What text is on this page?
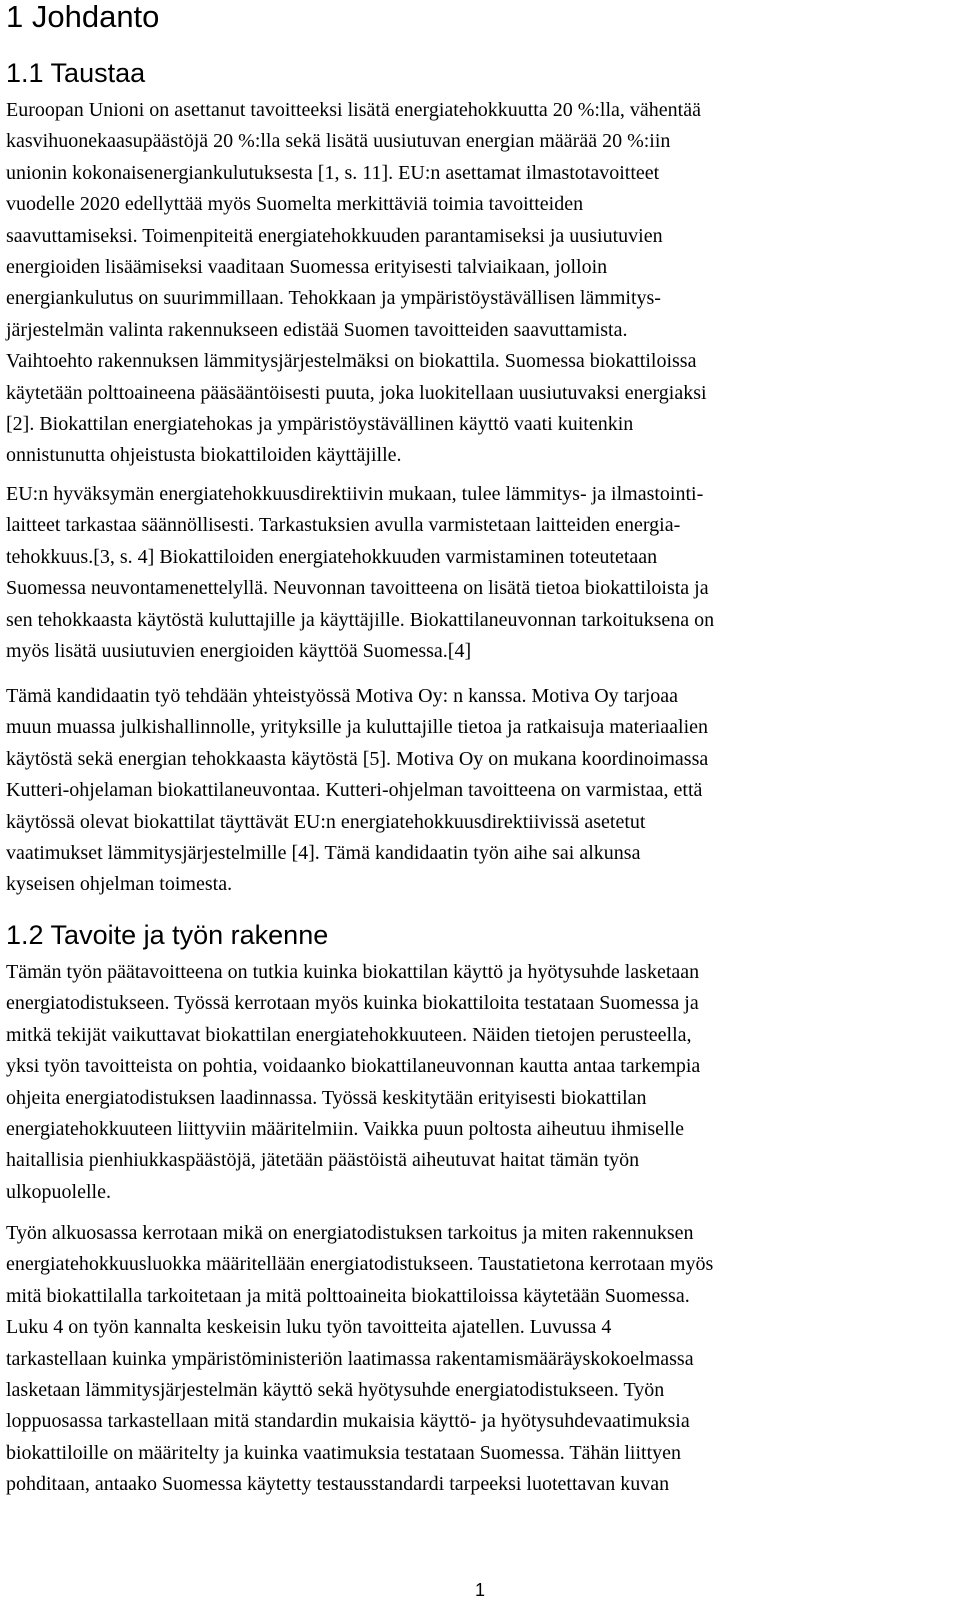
1 Johdanto
1.1 Taustaa
Euroopan Unioni on asettanut tavoitteeksi lisätä energiatehokkuutta 20 %:lla, vähentää
kasvihuonekaasupäästöjä 20 %:lla sekä lisätä uusiutuvan energian määrää 20 %:iin
unionin kokonaisenergiankulutuksesta [1, s. 11]. EU:n asettamat ilmastotavoitteet
vuodelle 2020 edellyttää myös Suomelta merkittäviä toimia tavoitteiden
saavuttamiseksi. Toimenpiteitä energiatehokkuuden parantamiseksi ja uusiutuvien
energioiden lisäämiseksi vaaditaan Suomessa erityisesti talviaikaan, jolloin
energiankulutus on suurimmillaan. Tehokkaan ja ympäristöystävällisen lämmitys-
järjestelmän valinta rakennukseen edistää Suomen tavoitteiden saavuttamista.
Vaihtoehto rakennuksen lämmitysjärjestelmäksi on biokattila. Suomessa biokattiloissa
käytetään polttoaineena pääsääntöisesti puuta, joka luokitellaan uusiutuvaksi energiaksi
[2]. Biokattilan energiatehokas ja ympäristöystävällinen käyttö vaati kuitenkin
onnistunutta ohjeistusta biokattiloiden käyttäjille.
EU:n hyväksymän energiatehokkuusdirektiivin mukaan, tulee lämmitys- ja ilmastointi-
laitteet tarkastaa säännöllisesti. Tarkastuksien avulla varmistetaan laitteiden energia-
tehokkuus.[3, s. 4] Biokattiloiden energiatehokkuuden varmistaminen toteutetaan
Suomessa neuvontamenettelyllä. Neuvonnan tavoitteena on lisätä tietoa biokattiloista ja
sen tehokkaasta käytöstä kuluttajille ja käyttäjille. Biokattilaneuvonnan tarkoituksena on
myös lisätä uusiutuvien energioiden käyttöä Suomessa.[4]
Tämä kandidaatin työ tehdään yhteistyössä Motiva Oy: n kanssa. Motiva Oy tarjoaa
muun muassa julkishallinnolle, yrityksille ja kuluttajille tietoa ja ratkaisuja materiaalien
käytöstä sekä energian tehokkaasta käytöstä [5]. Motiva Oy on mukana koordinoimassa
Kutteri-ohjelaman biokattilaneuvontaa. Kutteri-ohjelman tavoitteena on varmistaa, että
käytössä olevat biokattilat täyttävät EU:n energiatehokkuusdirektiivissä asetetut
vaatimukset lämmitysjärjestelmille [4]. Tämä kandidaatin työn aihe sai alkunsa
kyseisen ohjelman toimesta.
1.2 Tavoite ja työn rakenne
Tämän työn päätavoitteena on tutkia kuinka biokattilan käyttö ja hyötysuhde lasketaan
energiatodistukseen. Työssä kerrotaan myös kuinka biokattiloita testataan Suomessa ja
mitkä tekijät vaikuttavat biokattilan energiatehokkuuteen. Näiden tietojen perusteella,
yksi työn tavoitteista on pohtia, voidaanko biokattilaneuvonnan kautta antaa tarkempia
ohjeita energiatodistuksen laadinnassa. Työssä keskitytään erityisesti biokattilan
energiatehokkuuteen liittyviin määritelmiin. Vaikka puun poltosta aiheutuu ihmiselle
haitallisia pienhiukkaspäästöjä, jätetään päästöistä aiheutuvat haitat tämän työn
ulkopuolelle.
Työn alkuosassa kerrotaan mikä on energiatodistuksen tarkoitus ja miten rakennuksen
energiatehokkuusluokka määritellään energiatodistukseen. Taustatietona kerrotaan myös
mitä biokattilalla tarkoitetaan ja mitä polttoaineita biokattiloissa käytetään Suomessa.
Luku 4 on työn kannalta keskeisin luku työn tavoitteita ajatellen. Luvussa 4
tarkastellaan kuinka ympäristöministeriön laatimassa rakentamismääräyskokoelmassa
lasketaan lämmitysjärjestelmän käyttö sekä hyötysuhde energiatodistukseen. Työn
loppuosassa tarkastellaan mitä standardin mukaisia käyttö- ja hyötysuhdevaatimuksia
biokattiloille on määritelty ja kuinka vaatimuksia testataan Suomessa. Tähän liittyen
pohditaan, antaako Suomessa käytetty testausstandardi tarpeeksi luotettavan kuvan
1
